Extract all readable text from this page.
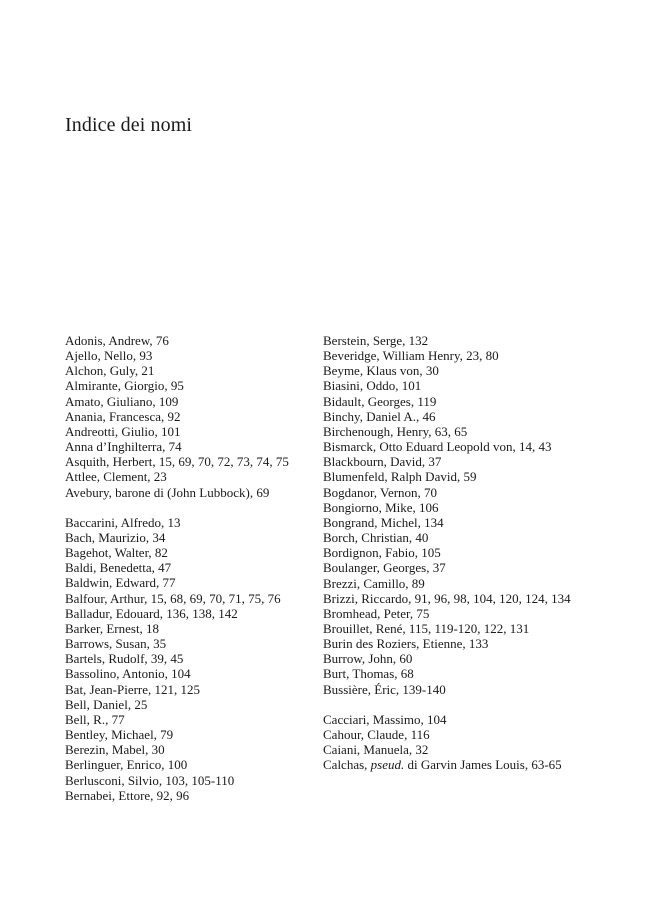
Indice dei nomi
Adonis, Andrew, 76
Ajello, Nello, 93
Alchon, Guly, 21
Almirante, Giorgio, 95
Amato, Giuliano, 109
Anania, Francesca, 92
Andreotti, Giulio, 101
Anna d’Inghilterra, 74
Asquith, Herbert, 15, 69, 70, 72, 73, 74, 75
Attlee, Clement, 23
Avebury, barone di (John Lubbock), 69
Baccarini, Alfredo, 13
Bach, Maurizio, 34
Bagehot, Walter, 82
Baldi, Benedetta, 47
Baldwin, Edward, 77
Balfour, Arthur, 15, 68, 69, 70, 71, 75, 76
Balladur, Edouard, 136, 138, 142
Barker, Ernest, 18
Barrows, Susan, 35
Bartels, Rudolf, 39, 45
Bassolino, Antonio, 104
Bat, Jean-Pierre, 121, 125
Bell, Daniel, 25
Bell, R., 77
Bentley, Michael, 79
Berezin, Mabel, 30
Berlinguer, Enrico, 100
Berlusconi, Silvio, 103, 105-110
Bernabei, Ettore, 92, 96
Berstein, Serge, 132
Beveridge, William Henry, 23, 80
Beyme, Klaus von, 30
Biasini, Oddo, 101
Bidault, Georges, 119
Binchy, Daniel A., 46
Birchenough, Henry, 63, 65
Bismarck, Otto Eduard Leopold von, 14, 43
Blackbourn, David, 37
Blumenfeld, Ralph David, 59
Bogdanor, Vernon, 70
Bongiorno, Mike, 106
Bongrand, Michel, 134
Borch, Christian, 40
Bordignon, Fabio, 105
Boulanger, Georges, 37
Brezzi, Camillo, 89
Brizzi, Riccardo, 91, 96, 98, 104, 120, 124, 134
Bromhead, Peter, 75
Brouillet, René, 115, 119-120, 122, 131
Burin des Roziers, Etienne, 133
Burrow, John, 60
Burt, Thomas, 68
Bussière, Éric, 139-140
Cacciari, Massimo, 104
Cahour, Claude, 116
Caiani, Manuela, 32
Calchas, pseud. di Garvin James Louis, 63-65
